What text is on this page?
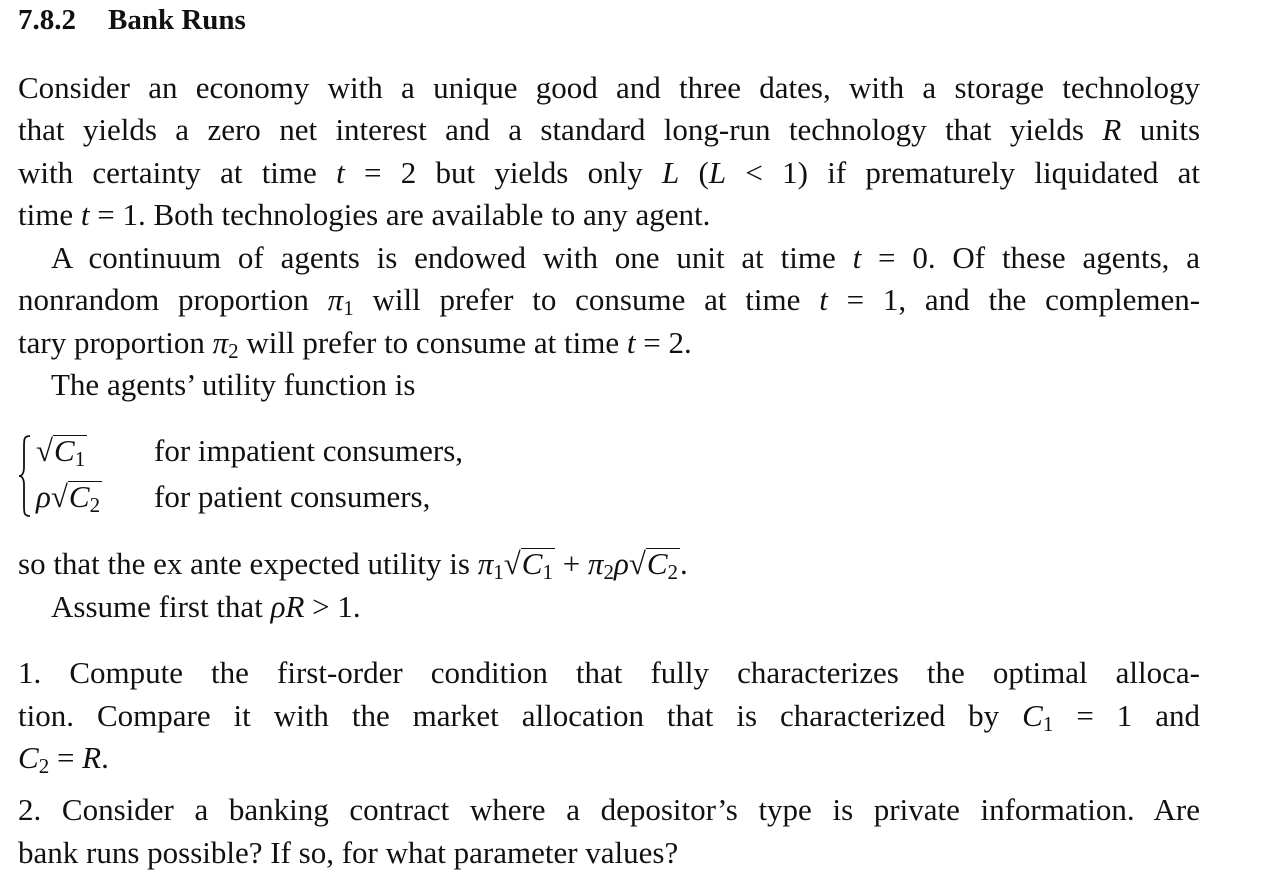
7.8.2 Bank Runs
Consider an economy with a unique good and three dates, with a storage technology
that yields a zero net interest and a standard long-run technology that yields R units
with certainty at time t = 2 but yields only L (L < 1) if prematurely liquidated at
time t = 1. Both technologies are available to any agent.
A continuum of agents is endowed with one unit at time t = 0. Of these agents, a
nonrandom proportion $\pi_1$ will prefer to consume at time t = 1, and the complemen-
tary proportion $\pi_2$ will prefer to consume at time t = 2.
The agents’ utility function is
$√C_1$ for impatient consumers,
$\rho√C_2$ for patient consumers,
so that the ex ante expected utility is $\pi_1√C_1 + \pi_2\rho√C_2$.
Assume first that ρR > 1.
1. Compute the first-order condition that fully characterizes the optimal alloca-
tion. Compare it with the market allocation that is characterized by $C_1 = 1$ and
$C_2 = R$.
2. Consider a banking contract where a depositor’s type is private information. Are
bank runs possible? If so, for what parameter values?
